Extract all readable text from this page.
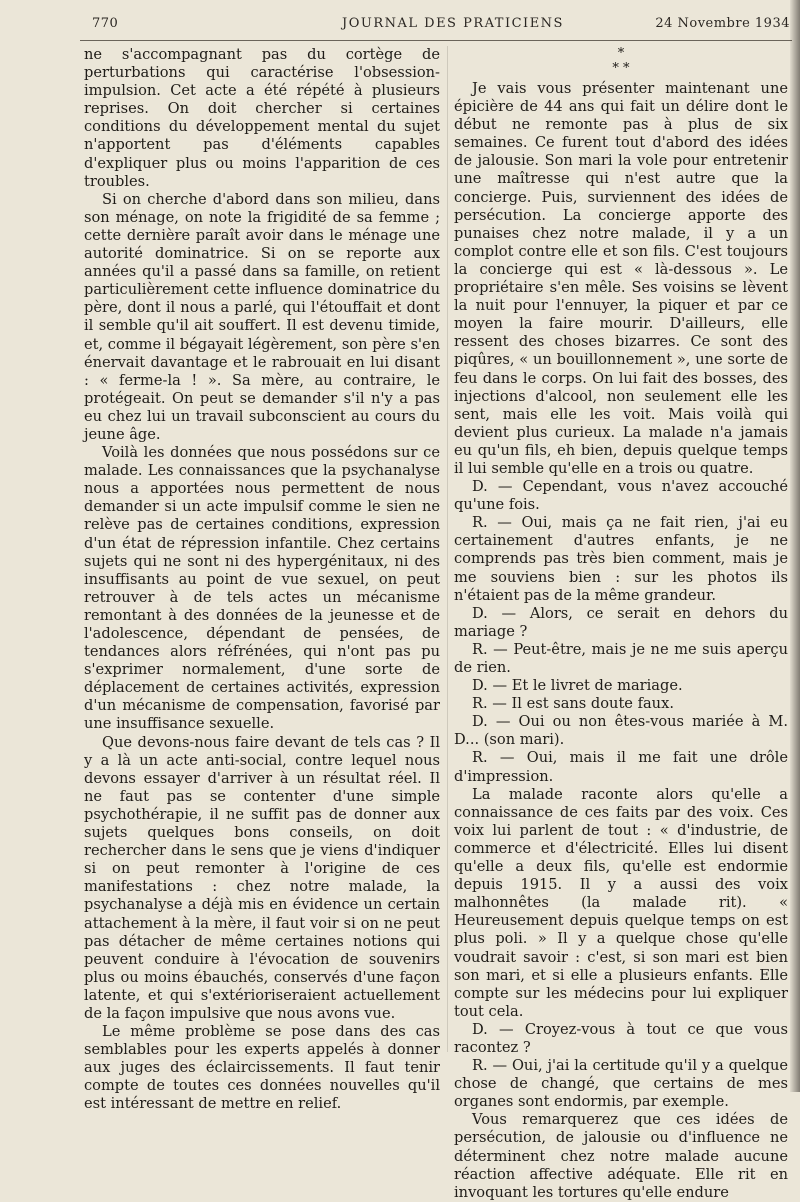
770	JOURNAL DES PRATICIENS	24 Novembre 1934

ne s'accompagnant pas du cortège de perturbations qui caractérise l'obsession-impulsion. Cet acte a été répété à plusieurs reprises. On doit chercher si certaines conditions du développement mental du sujet n'apportent pas d'éléments capables d'expliquer plus ou moins l'apparition de ces troubles.

Si on cherche d'abord dans son milieu, dans son ménage, on note la frigidité de sa femme ; cette dernière paraît avoir dans le ménage une autorité dominatrice. Si on se reporte aux années qu'il a passé dans sa famille, on retient particulièrement cette influence dominatrice du père, dont il nous a parlé, qui l'étouffait et dont il semble qu'il ait souffert. Il est devenu timide, et, comme il bégayait légèrement, son père s'en énervait davantage et le rabrouait en lui disant : « ferme-la ! ». Sa mère, au contraire, le protégeait. On peut se demander s'il n'y a pas eu chez lui un travail subconscient au cours du jeune âge.

Voilà les données que nous possédons sur ce malade. Les connaissances que la psychanalyse nous a apportées nous permettent de nous demander si un acte impulsif comme le sien ne relève pas de certaines conditions, expression d'un état de répression infantile. Chez certains sujets qui ne sont ni des hypergénitaux, ni des insuffisants au point de vue sexuel, on peut retrouver à de tels actes un mécanisme remontant à des données de la jeunesse et de l'adolescence, dépendant de pensées, de tendances alors réfrénées, qui n'ont pas pu s'exprimer normalement, d'une sorte de déplacement de certaines activités, expression d'un mécanisme de compensation, favorisé par une insuffisance sexuelle.

Que devons-nous faire devant de tels cas ? Il y a là un acte anti-social, contre lequel nous devons essayer d'arriver à un résultat réel. Il ne faut pas se contenter d'une simple psychothérapie, il ne suffit pas de donner aux sujets quelques bons conseils, on doit rechercher dans le sens que je viens d'indiquer si on peut remonter à l'origine de ces manifestations : chez notre malade, la psychanalyse a déjà mis en évidence un certain attachement à la mère, il faut voir si on ne peut pas détacher de même certaines notions qui peuvent conduire à l'évocation de souvenirs plus ou moins ébauchés, conservés d'une façon latente, et qui s'extérioriseraient actuellement de la façon impulsive que nous avons vue.

Le même problème se pose dans des cas semblables pour les experts appelés à donner aux juges des éclaircissements. Il faut tenir compte de toutes ces données nouvelles qu'il est intéressant de mettre en relief.

*
* *

Je vais vous présenter maintenant une épicière de 44 ans qui fait un délire dont le début ne remonte pas à plus de six semaines. Ce furent tout d'abord des idées de jalousie. Son mari la vole pour entretenir une maîtresse qui n'est autre que la concierge. Puis, surviennent des idées de persécution. La concierge apporte des punaises chez notre malade, il y a un complot contre elle et son fils. C'est toujours la concierge qui est « là-dessous ». Le propriétaire s'en mêle. Ses voisins se lèvent la nuit pour l'ennuyer, la piquer et par ce moyen la faire mourir. D'ailleurs, elle ressent des choses bizarres. Ce sont des piqûres, « un bouillonnement », une sorte de feu dans le corps. On lui fait des bosses, des injections d'alcool, non seulement elle les sent, mais elle les voit. Mais voilà qui devient plus curieux. La malade n'a jamais eu qu'un fils, eh bien, depuis quelque temps il lui semble qu'elle en a trois ou quatre.

D. — Cependant, vous n'avez accouché qu'une fois.

R. — Oui, mais ça ne fait rien, j'ai eu certainement d'autres enfants, je ne comprends pas très bien comment, mais je me souviens bien : sur les photos ils n'étaient pas de la même grandeur.

D. — Alors, ce serait en dehors du mariage ?

R. — Peut-être, mais je ne me suis aperçu de rien.

D. — Et le livret de mariage.

R. — Il est sans doute faux.

D. — Oui ou non êtes-vous mariée à M. D... (son mari).

R. — Oui, mais il me fait une drôle d'impression.

La malade raconte alors qu'elle a connaissance de ces faits par des voix. Ces voix lui parlent de tout : « d'industrie, de commerce et d'électricité. Elles lui disent qu'elle a deux fils, qu'elle est endormie depuis 1915. Il y a aussi des voix malhonnêtes (la malade rit). « Heureusement depuis quelque temps on est plus poli. » Il y a quelque chose qu'elle voudrait savoir : c'est, si son mari est bien son mari, et si elle a plusieurs enfants. Elle compte sur les médecins pour lui expliquer tout cela.

D. — Croyez-vous à tout ce que vous racontez ?

R. — Oui, j'ai la certitude qu'il y a quelque chose de changé, que certains de mes organes sont endormis, par exemple.

Vous remarquerez que ces idées de persécution, de jalousie ou d'influence ne déterminent chez notre malade aucune réaction affective adéquate. Elle rit en invoquant les tortures qu'elle endure
